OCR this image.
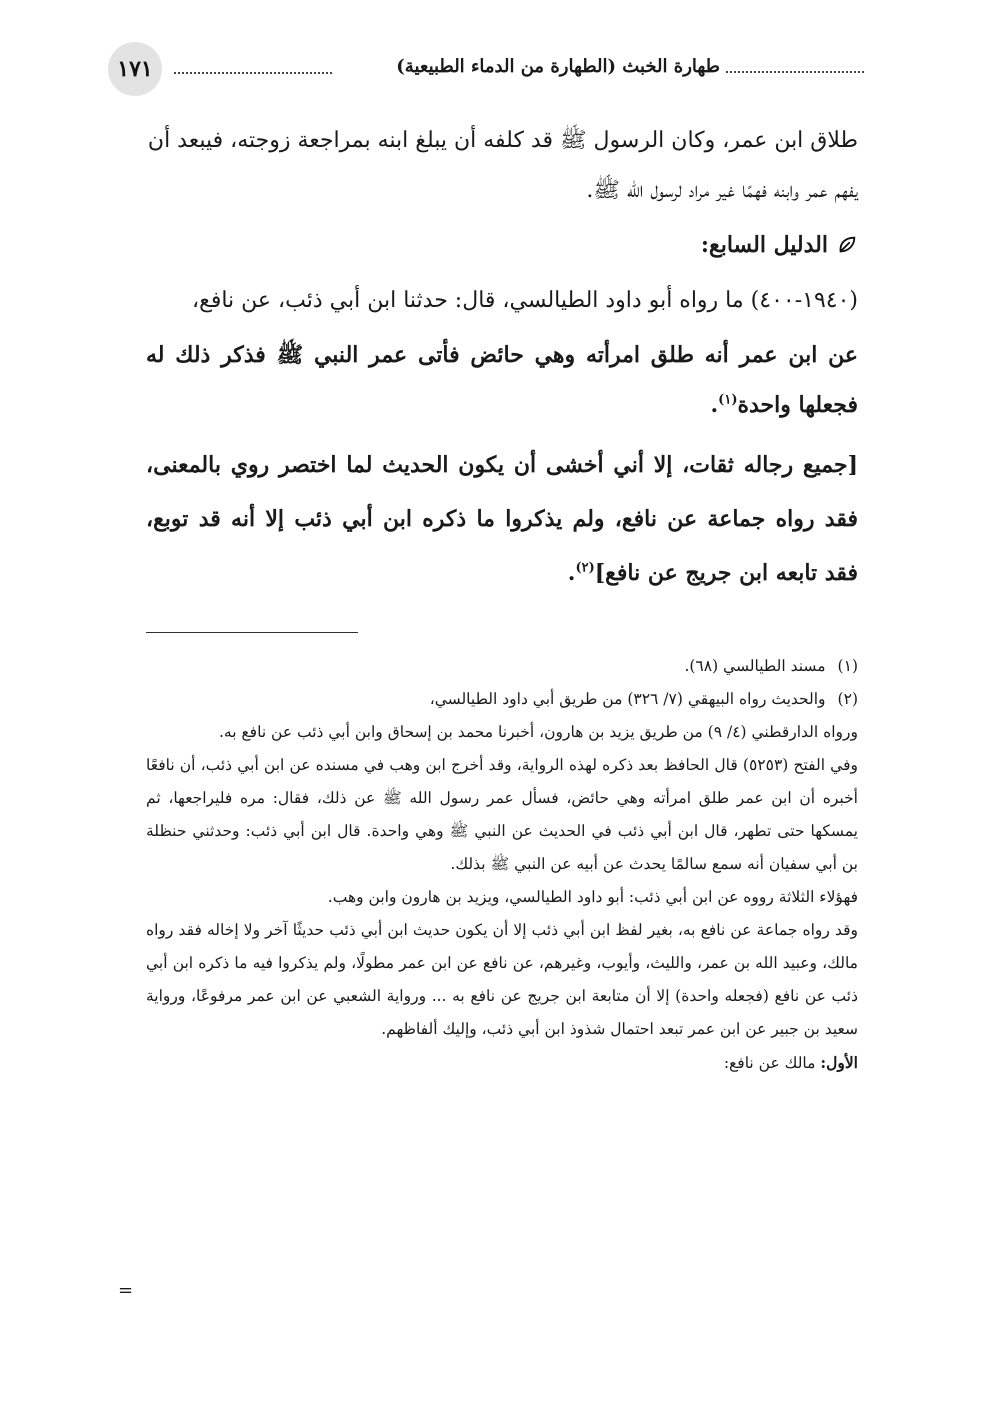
١٧١	طهارة الخبث (الطهارة من الدماء الطبيعية)

طلاق ابن عمر، وكان الرسول ﷺ قد كلفه أن يبلغ ابنه بمراجعة زوجته، فيبعد أن

يفهم عمر وابنه فهمًا غير مراد لرسول الله ﷺ.

الدليل السابع:

(١٩٤٠-٤٠٠) ما رواه أبو داود الطيالسي، قال: حدثنا ابن أبي ذئب، عن نافع،

عن ابن عمر أنه طلق امرأته وهي حائض فأتى عمر النبي ﷺ فذكر ذلك له فجعلها واحدة$^{(١)}$.

[جميع رجاله ثقات، إلا أني أخشى أن يكون الحديث لما اختصر روي بالمعنى، فقد رواه جماعة عن نافع، ولم يذكروا ما ذكره ابن أبي ذئب إلا أنه قد توبع، فقد تابعه ابن جريج عن نافع]$^{(٢)}$.

(١)
مسند الطيالسي (٦٨).

(٢)
والحديث رواه البيهقي (٧/ ٣٢٦) من طريق أبي داود الطيالسي،

ورواه الدارقطني (٤/ ٩) من طريق يزيد بن هارون، أخبرنا محمد بن إسحاق وابن أبي ذئب عن نافع به.

وفي الفتح (٥٢٥٣) قال الحافظ بعد ذكره لهذه الرواية، وقد أخرج ابن وهب في مسنده عن ابن أبي ذئب، أن نافعًا أخبره أن ابن عمر طلق امرأته وهي حائض، فسأل عمر رسول الله ﷺ عن ذلك، فقال: مره فليراجعها، ثم يمسكها حتى تطهر، قال ابن أبي ذئب في الحديث عن النبي ﷺ وهي واحدة. قال ابن أبي ذئب: وحدثني حنظلة بن أبي سفيان أنه سمع سالمًا يحدث عن أبيه عن النبي ﷺ بذلك.

فهؤلاء الثلاثة رووه عن ابن أبي ذئب: أبو داود الطيالسي، ويزيد بن هارون وابن وهب.

وقد رواه جماعة عن نافع به، بغير لفظ ابن أبي ذئب إلا أن يكون حديث ابن أبي ذئب حديثًا آخر ولا إخاله فقد رواه مالك، وعبيد الله بن عمر، والليث، وأيوب، وغيرهم، عن نافع عن ابن عمر مطولًا، ولم يذكروا فيه ما ذكره ابن أبي ذئب عن نافع (فجعله واحدة) إلا أن متابعة ابن جريج عن نافع به ... ورواية الشعبي عن ابن عمر مرفوعًا، ورواية سعيد بن جبير عن ابن عمر تبعد احتمال شذوذ ابن أبي ذئب، وإليك ألفاظهم.

الأول: مالك عن نافع:

=
